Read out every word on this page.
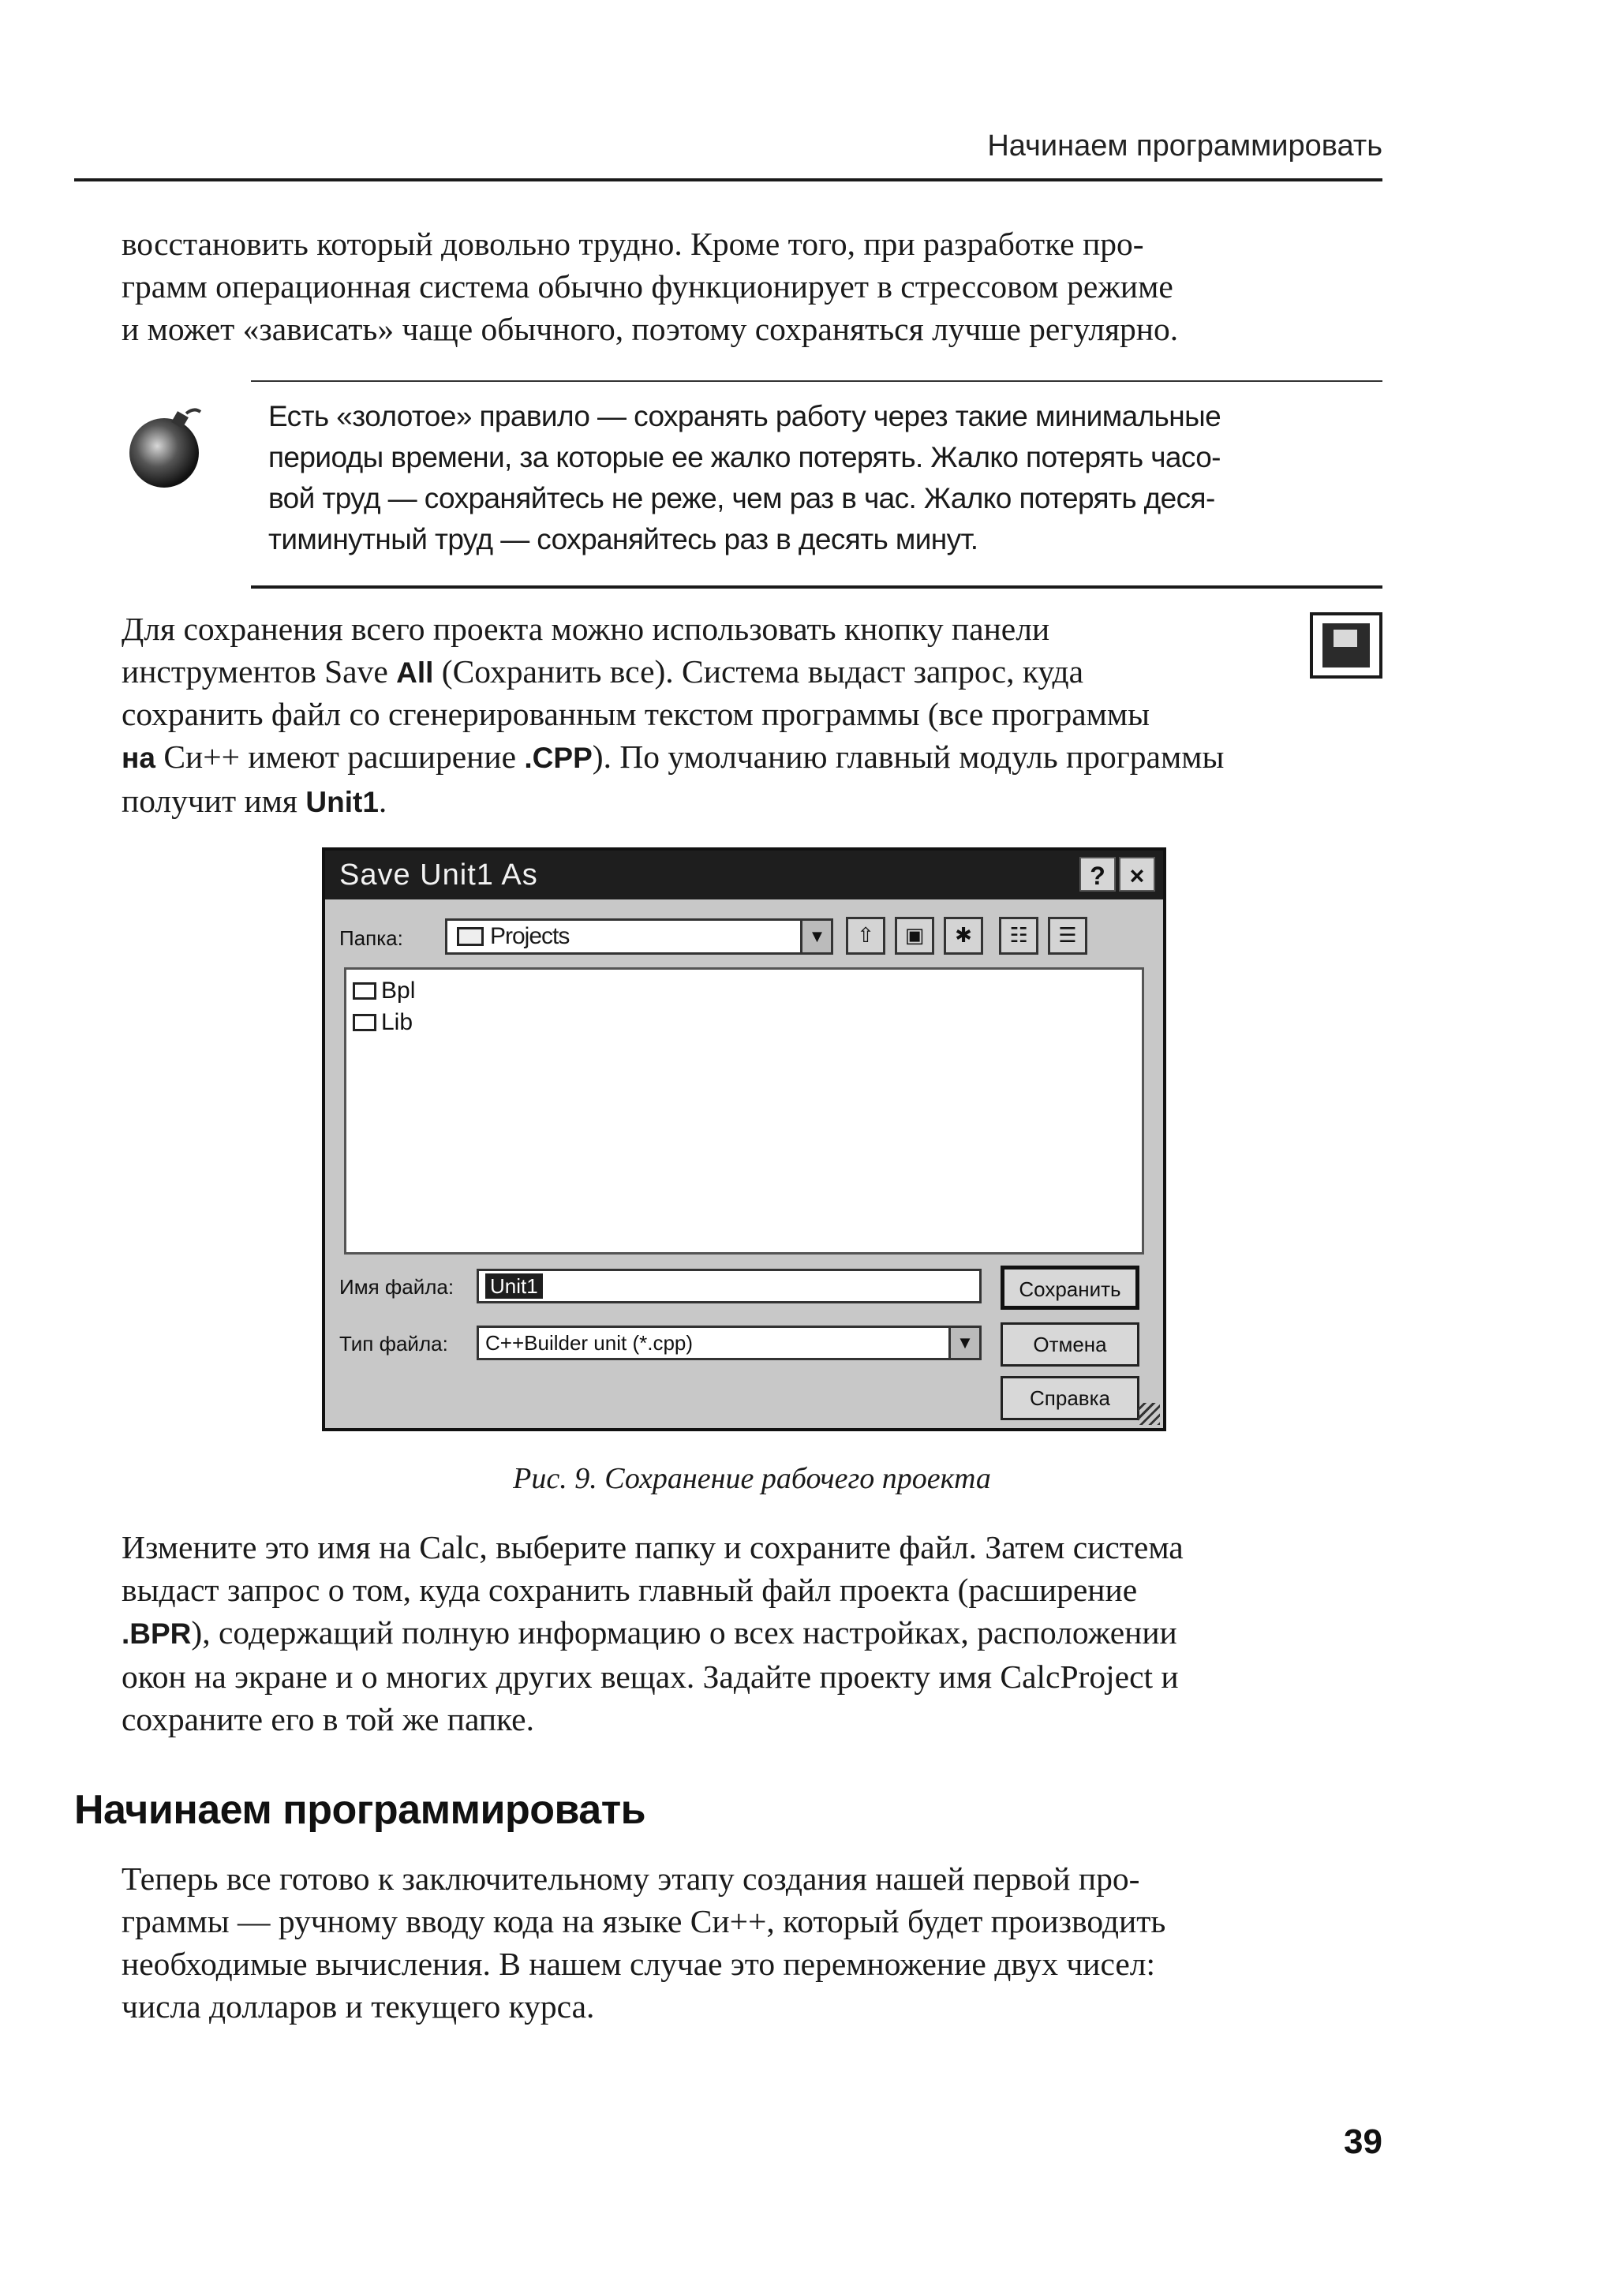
Начинаем программировать

восстановить который довольно трудно. Кроме того, при разработке про-

грамм операционная система обычно функционирует в стрессовом режиме

и может «зависать» чаще обычного, поэтому сохраняться лучше регулярно.

Есть «золотое» правило — сохранять работу через такие минимальные

периоды времени, за которые ее жалко потерять. Жалко потерять часо-

вой труд — сохраняйтесь не реже, чем раз в час. Жалко потерять деся-

тиминутный труд — сохраняйтесь раз в десять минут.

Для сохранения всего проекта можно использовать кнопку панели

инструментов Save All (Сохранить все). Система выдаст запрос, куда

сохранить файл со сгенерированным текстом программы (все программы

на Си++ имеют расширение .CPP). По умолчанию главный модуль программы

получит имя Unit1.

Save Unit1 As	? ×
Папка:	Projects	▼	⇧	▣	✱	☷	☰
Bpl
Lib
Имя файла:	Unit1
Тип файла:	C++Builder unit (*.cpp)	▼
Сохранить
Отмена
Справка
Рис. 9. Сохранение рабочего проекта

Измените это имя на Calc, выберите папку и сохраните файл. Затем система

выдаст запрос о том, куда сохранить главный файл проекта (расширение

.BPR), содержащий полную информацию о всех настройках, расположении

окон на экране и о многих других вещах. Задайте проекту имя CalcProject и

сохраните его в той же папке.

Начинаем программировать

Теперь все готово к заключительному этапу создания нашей первой про-

граммы — ручному вводу кода на языке Си++, который будет производить

необходимые вычисления. В нашем случае это перемножение двух чисел:

числа долларов и текущего курса.

39
